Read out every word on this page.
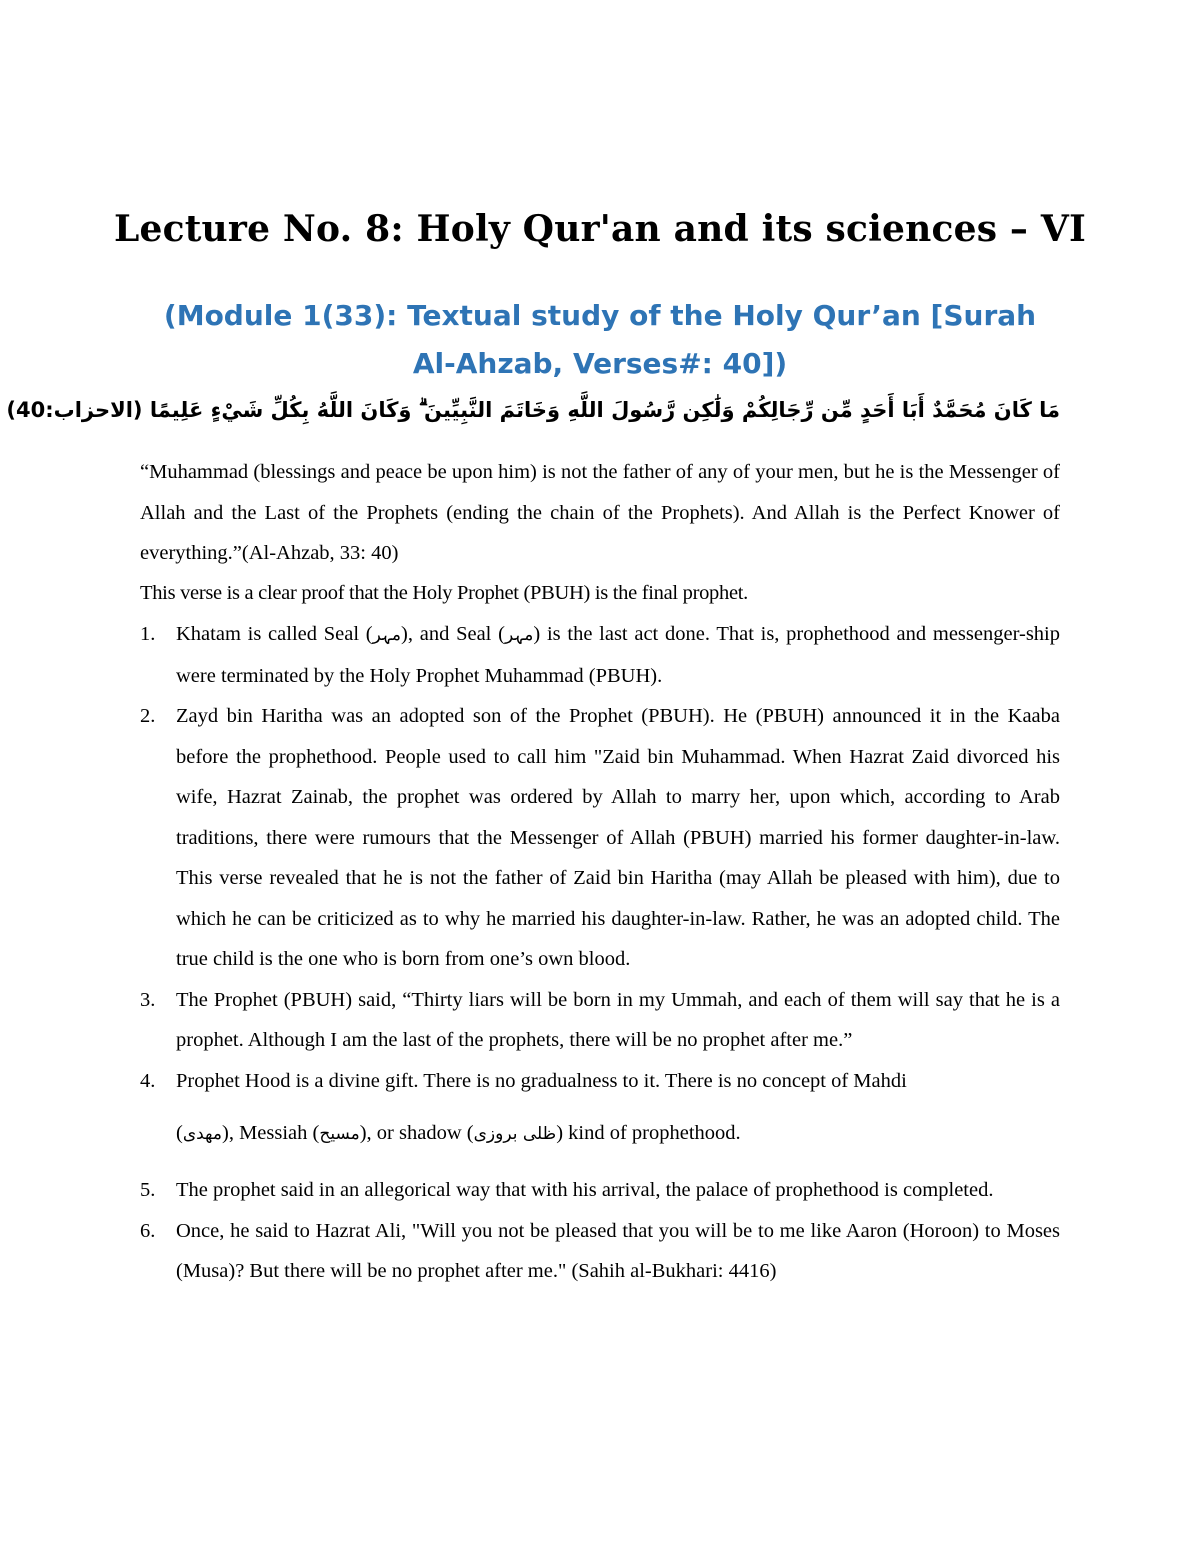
Lecture No. 8: Holy Qur'an and its sciences – VI
(Module 1(33): Textual study of the Holy Qur’an [Surah Al-Ahzab, Verses#: 40])
مَا كَانَ مُحَمَّدٌ أَبَا أَحَدٍ مِّن رِّجَالِكُمْ وَلَٰكِن رَّسُولَ اللَّهِ وَخَاتَمَ النَّبِيِّينَ ۗ وَكَانَ اللَّهُ بِكُلِّ شَيْءٍ عَلِيمًا (الاحزاب:40)

“Muhammad (blessings and peace be upon him) is not the father of any of your men, but he is the Messenger of Allah and the Last of the Prophets (ending the chain of the Prophets). And Allah is the Perfect Knower of everything.”(Al-Ahzab, 33: 40)

This verse is a clear proof that the Holy Prophet (PBUH) is the final prophet.
1. Khatam is called Seal (مہر), and Seal (مہر) is the last act done. That is, prophethood and messenger-ship were terminated by the Holy Prophet Muhammad (PBUH).
2. Zayd bin Haritha was an adopted son of the Prophet (PBUH). He (PBUH) announced it in the Kaaba before the prophethood. People used to call him "Zaid bin Muhammad. When Hazrat Zaid divorced his wife, Hazrat Zainab, the prophet was ordered by Allah to marry her, upon which, according to Arab traditions, there were rumours that the Messenger of Allah (PBUH) married his former daughter-in-law. This verse revealed that he is not the father of Zaid bin Haritha (may Allah be pleased with him), due to which he can be criticized as to why he married his daughter-in-law. Rather, he was an adopted child. The true child is the one who is born from one’s own blood.
3. The Prophet (PBUH) said, “Thirty liars will be born in my Ummah, and each of them will say that he is a prophet. Although I am the last of the prophets, there will be no prophet after me.”
4. Prophet Hood is a divine gift. There is no gradualness to it. There is no concept of Mahdi
(مھدی), Messiah (مسیح), or shadow (ظلی بروزی) kind of prophethood.
5. The prophet said in an allegorical way that with his arrival, the palace of prophethood is completed.
6. Once, he said to Hazrat Ali, "Will you not be pleased that you will be to me like Aaron (Horoon) to Moses (Musa)? But there will be no prophet after me." (Sahih al-Bukhari: 4416)
